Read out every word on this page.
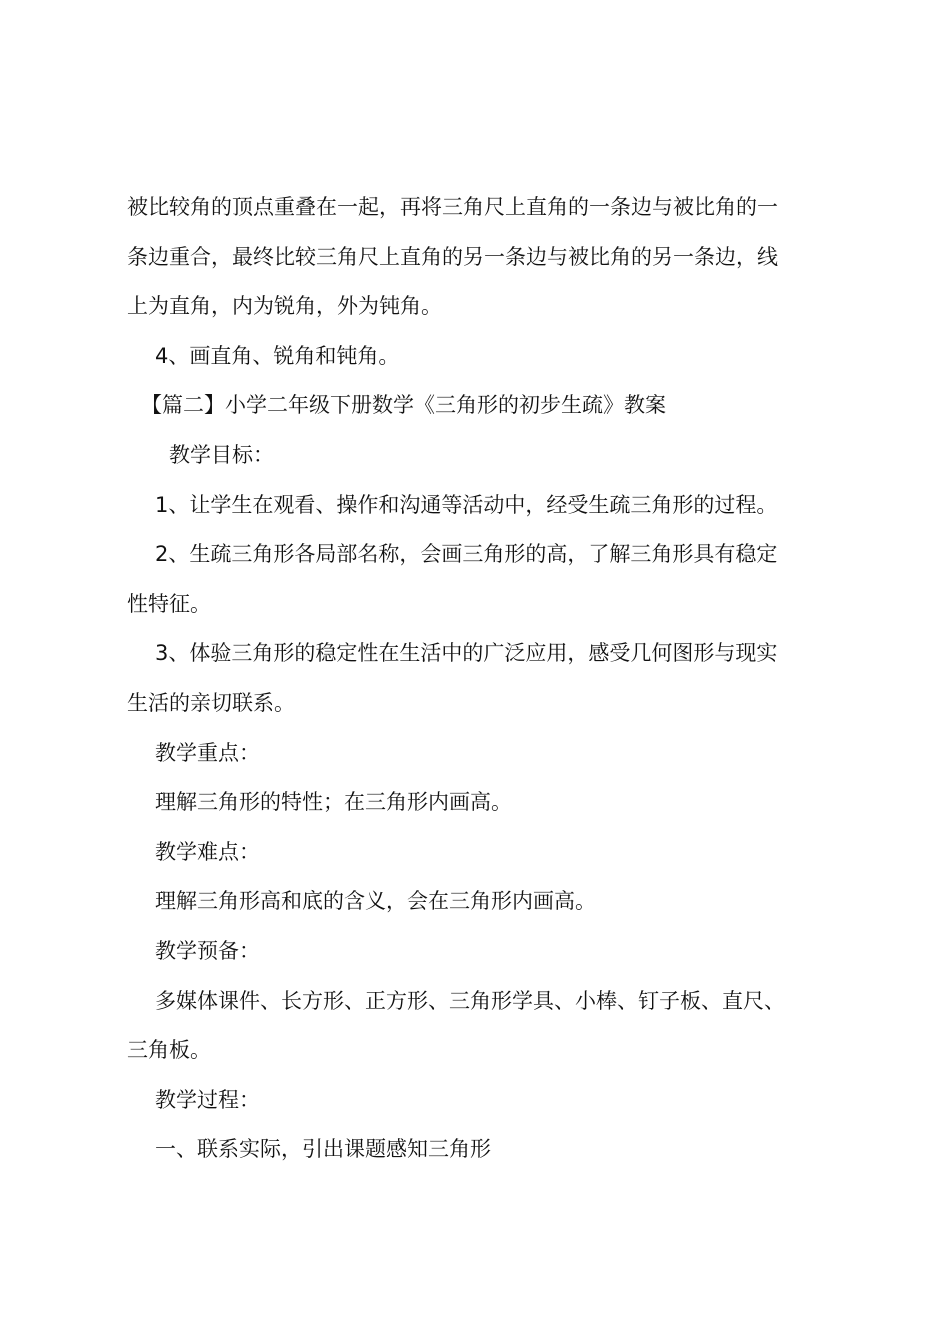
被比较角的顶点重叠在一起，再将三角尺上直角的一条边与被比角的一

条边重合，最终比较三角尺上直角的另一条边与被比角的另一条边，线

上为直角，内为锐角，外为钝角。

4、画直角、锐角和钝角。

【篇二】小学二年级下册数学《三角形的初步生疏》教案

教学目标：

1、让学生在观看、操作和沟通等活动中，经受生疏三角形的过程。

2、生疏三角形各局部名称，会画三角形的高，了解三角形具有稳定

性特征。

3、体验三角形的稳定性在生活中的广泛应用，感受几何图形与现实

生活的亲切联系。

教学重点：

理解三角形的特性；在三角形内画高。

教学难点：

理解三角形高和底的含义，会在三角形内画高。

教学预备：

多媒体课件、长方形、正方形、三角形学具、小棒、钉子板、直尺、

三角板。

教学过程：

一、联系实际，引出课题感知三角形
